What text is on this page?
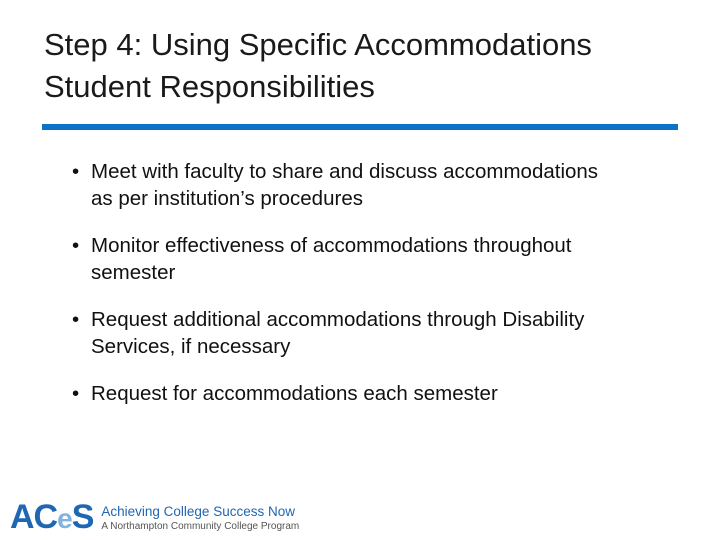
Step 4: Using Specific Accommodations
Student Responsibilities
• Meet with faculty to share and discuss accommodations
as per institution’s procedures
• Monitor effectiveness of accommodations throughout
semester
• Request additional accommodations through Disability
Services, if necessary
• Request for accommodations each semester
AC e S Achieving College Success Now
A Northampton Community College Program
